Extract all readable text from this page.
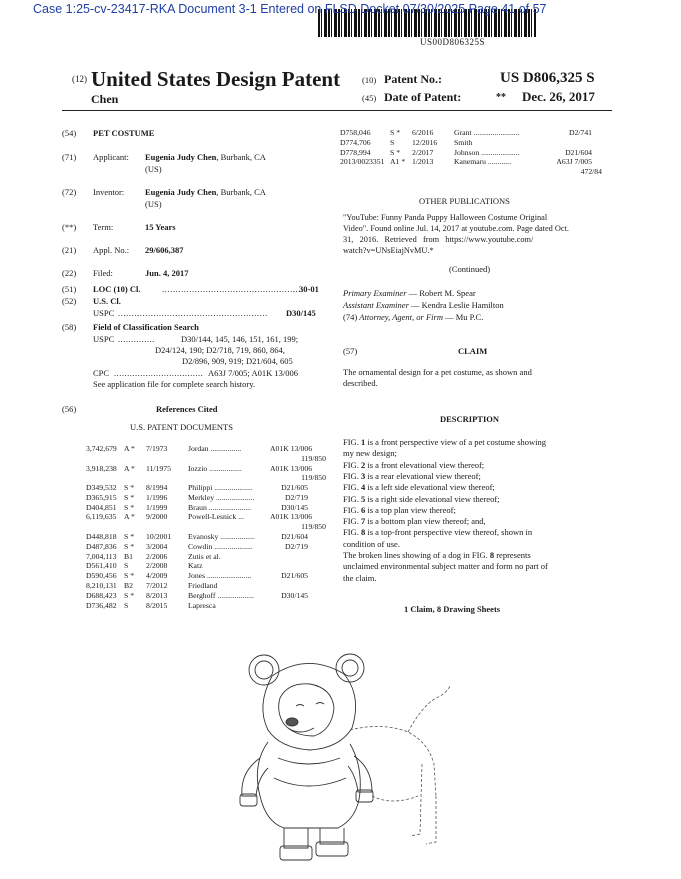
Case 1:25-cv-23417-RKA Document 3-1 Entered on FLSD Docket 07/30/2025 Page 41 of 57
US00D806325S
(12) United States Design Patent
Chen
(10) Patent No.:	US D806,325 S
(45) Date of Patent:	** Dec. 26, 2017
(54) PET COSTUME
(71) Applicant: Eugenia Judy Chen, Burbank, CA
(US)
(72) Inventor: Eugenia Judy Chen, Burbank, CA
(US)
(**) Term:	15 Years
(21) Appl. No.: 29/606,387
(22) Filed:	Jun. 4, 2017
(51) LOC (10) Cl.	....................................................
30-01
(52) U.S. Cl.
USPC ....................................................... D30/145
(58) Field of Classification Search
USPC ..............	D30/144, 145, 146, 151, 161, 199;
D24/124, 190; D2/718, 719, 860, 864,
D2/896, 909, 919; D21/604, 605
CPC .................................. A63J 7/005; A01K 13/006
See application file for complete search history.
(56)	References Cited
U.S. PATENT DOCUMENTS
3,742,679 A *	7/1973	Jordan ................	A01K 13/006
119/850
3,918,238 A *	11/1975	Iozzio .................	A01K 13/006
119/850
D349,532 S *	8/1994	Philippi ....................	D21/605
D365,915 S *	1/1996	Merkley ....................	D2/719
D404,851 S *	1/1999	Braun ......................	D30/145
6,119,635 A *	9/2000	Powell-Lesnick ...	A01K 13/006
119/850
D448,818 S *	10/2001	Evanosky ..................	D21/604
D487,836 S *	3/2004	Cowdin ....................	D2/719
7,004,113 B1	2/2006	Zutis et al.
D561,410 S	2/2008	Katz
D590,456 S *	4/2009	Jones .......................	D21/605
8,210,131 B2	7/2012	Friedland
D688,423 S *	8/2013	Berghoff ...................	D30/145
D736,482 S	8/2015	Lapresca
D758,046	S *	6/2016	Grant ........................	D2/741
D774,706	S	12/2016	Smith
D778,994	S *	2/2017	Johnson ....................	D21/604
2013/0023351 A1 * 1/2013	Kanemaru ............	A63J 7/005
472/84
OTHER PUBLICATIONS
"YouTube: Funny Panda Puppy Halloween Costume Original
Video". Found online Jul. 14, 2017 at youtube.com. Page dated Oct.
31,   2016.   Retrieved   from   https://www.youtube.com/
watch?v=UNsEiajNvMU.*
(Continued)
Primary Examiner — Robert M. Spear
Assistant Examiner — Kendra Leslie Hamilton
(74) Attorney, Agent, or Firm — Mu P.C.
(57)	CLAIM
The ornamental design for a pet costume, as shown and
described.
DESCRIPTION
FIG. 1 is a front perspective view of a pet costume showing
my new design;
FIG. 2 is a front elevational view thereof;
FIG. 3 is a rear elevational view thereof;
FIG. 4 is a left side elevational view thereof;
FIG. 5 is a right side elevational view thereof;
FIG. 6 is a top plan view thereof;
FIG. 7 is a bottom plan view thereof; and,
FIG. 8 is a top-front perspective view thereof, shown in
condition of use.
The broken lines showing of a dog in FIG. 8 represents
unclaimed environmental subject matter and form no part of
the claim.
1 Claim, 8 Drawing Sheets
